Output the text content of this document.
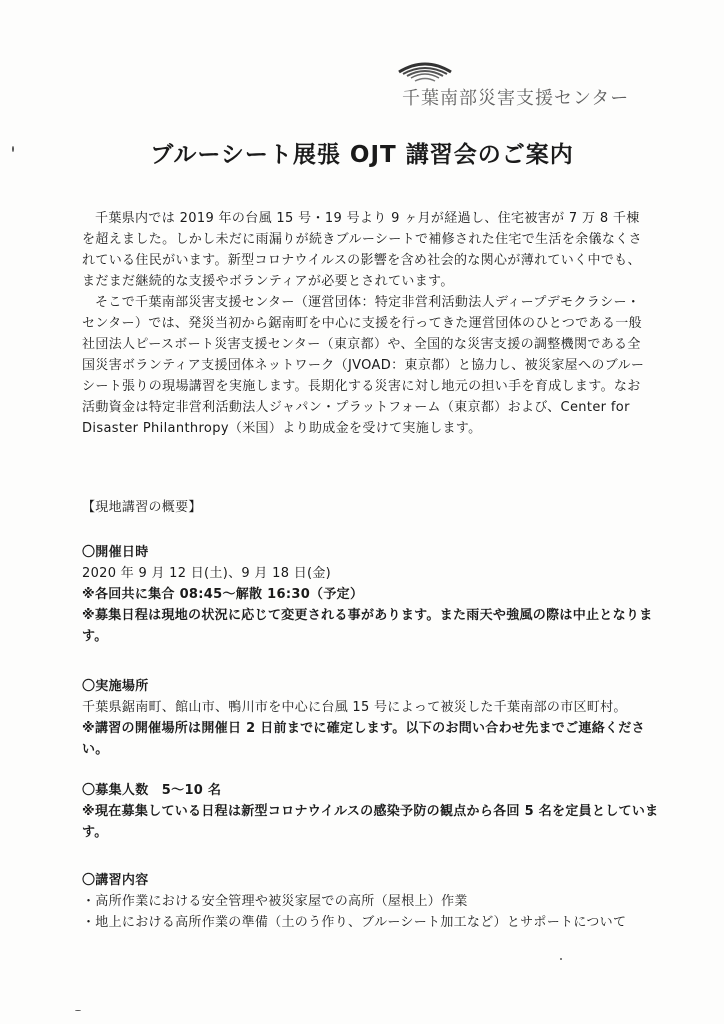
千葉南部災害支援センター
ブルーシート展張 OJT 講習会のご案内

千葉県内では 2019 年の台風 15 号・19 号より 9 ヶ月が経過し、住宅被害が 7 万 8 千棟を超えました。しかし未だに雨漏りが続きブルーシートで補修された住宅で生活を余儀なくされている住民がいます。新型コロナウイルスの影響を含め社会的な関心が薄れていく中でも、まだまだ継続的な支援やボランティアが必要とされています。

そこで千葉南部災害支援センター（運営団体：特定非営利活動法人ディープデモクラシー・センター）では、発災当初から鋸南町を中心に支援を行ってきた運営団体のひとつである一般社団法人ピースボート災害支援センター（東京都）や、全国的な災害支援の調整機関である全国災害ボランティア支援団体ネットワーク（JVOAD：東京都）と協力し、被災家屋へのブルーシート張りの現場講習を実施します。長期化する災害に対し地元の担い手を育成します。なお活動資金は特定非営利活動法人ジャパン・プラットフォーム（東京都）および、Center for Disaster Philanthropy（米国）より助成金を受けて実施します。

【現地講習の概要】
〇開催日時
2020 年 9 月 12 日(土)、9 月 18 日(金)
※各回共に集合 08:45～解散 16:30（予定）
※募集日程は現地の状況に応じて変更される事があります。また雨天や強風の際は中止となります。
〇実施場所
千葉県鋸南町、館山市、鴨川市を中心に台風 15 号によって被災した千葉南部の市区町村。
※講習の開催場所は開催日 2 日前までに確定します。以下のお問い合わせ先までご連絡ください。
〇募集人数　5～10 名
※現在募集している日程は新型コロナウイルスの感染予防の観点から各回 5 名を定員としています。
〇講習内容
・高所作業における安全管理や被災家屋での高所（屋根上）作業
・地上における高所作業の準備（土のう作り、ブルーシート加工など）とサポートについて
